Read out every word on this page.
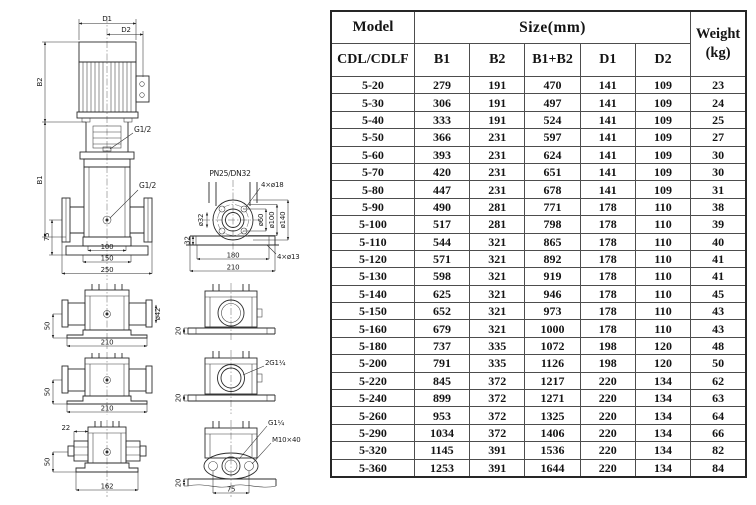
D1
D2
B2
B1
75
100
150
250
G1/2
G1/2
PN25/DN32
32
ø32	ø60 ø100 ø140
180
210
4×ø18
4×ø13
50
210
ø42
50
210
22
50
162
20
2G1¼
20
G1¼
M10×40
75
20
Model	Size(mm)					Weight
(kg)

CDL/CDLF	B1	B2	B1+B2	D1	D2	
5-20	279	191	470	141	109	23
5-30	306	191	497	141	109	24
5-40	333	191	524	141	109	25
5-50	366	231	597	141	109	27
5-60	393	231	624	141	109	30
5-70	420	231	651	141	109	30
5-80	447	231	678	141	109	31
5-90	490	281	771	178	110	38
5-100	517	281	798	178	110	39
5-110	544	321	865	178	110	40
5-120	571	321	892	178	110	41
5-130	598	321	919	178	110	41
5-140	625	321	946	178	110	45
5-150	652	321	973	178	110	43
5-160	679	321	1000	178	110	43
5-180	737	335	1072	198	120	48
5-200	791	335	1126	198	120	50
5-220	845	372	1217	220	134	62
5-240	899	372	1271	220	134	63
5-260	953	372	1325	220	134	64
5-290	1034	372	1406	220	134	66
5-320	1145	391	1536	220	134	82
5-360	1253	391	1644	220	134	84
